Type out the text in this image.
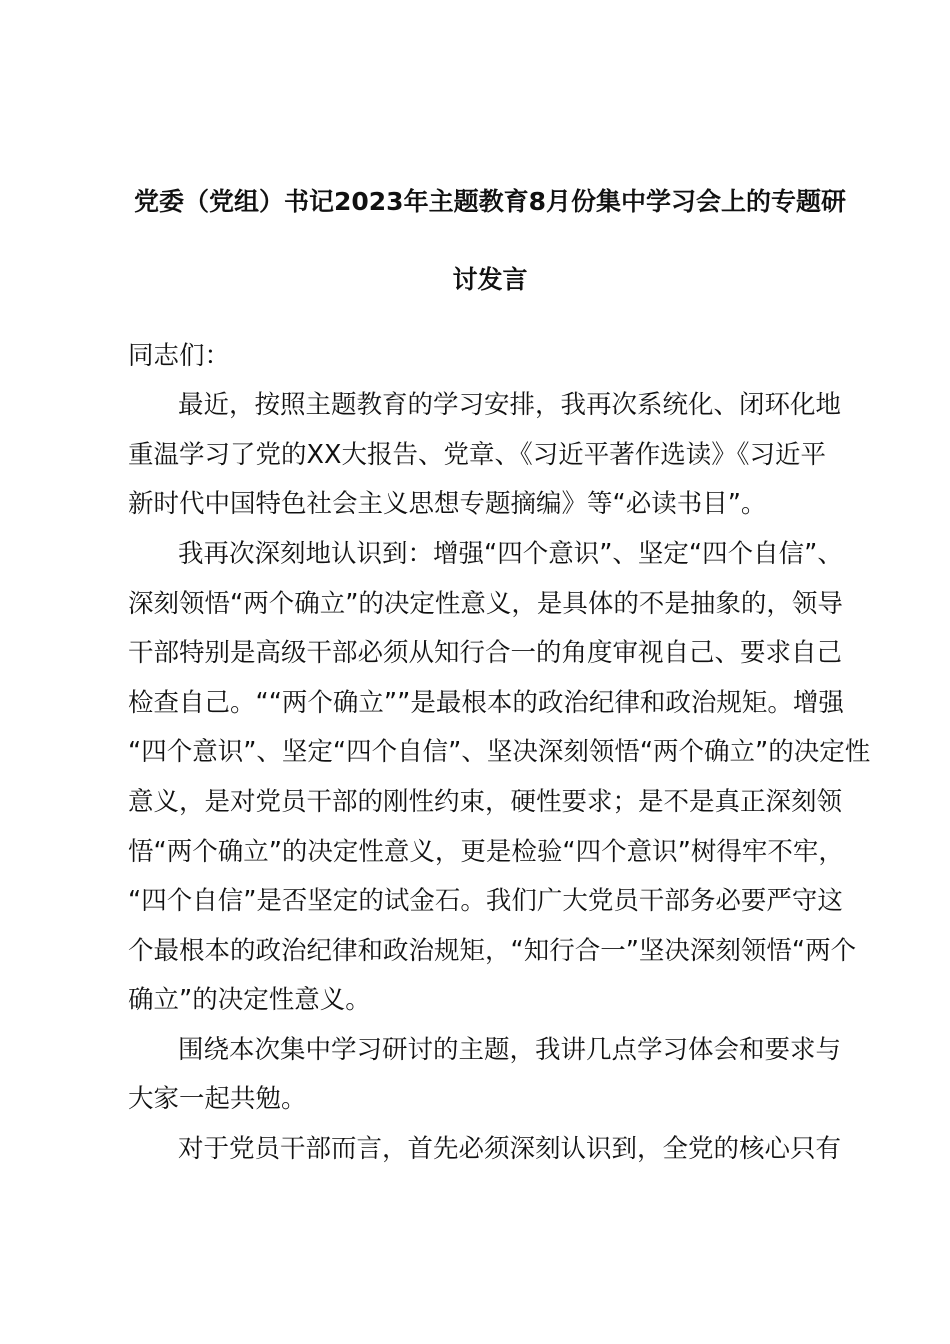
党委（党组）书记2023年主题教育8月份集中学习会上的专题研
讨发言
同志们：
最近，按照主题教育的学习安排，我再次系统化、闭环化地
重温学习了党的XX大报告、党章、《习近平著作选读》《习近平
新时代中国特色社会主义思想专题摘编》等“必读书目”。
我再次深刻地认识到：增强“四个意识”、坚定“四个自信”、
深刻领悟“两个确立”的决定性意义，是具体的不是抽象的，领导
干部特别是高级干部必须从知行合一的角度审视自己、要求自己
检查自己。““两个确立””是最根本的政治纪律和政治规矩。增强
“四个意识”、坚定“四个自信”、坚决深刻领悟“两个确立”的决定性
意义，是对党员干部的刚性约束，硬性要求；是不是真正深刻领
悟“两个确立”的决定性意义，更是检验“四个意识”树得牢不牢，
“四个自信”是否坚定的试金石。我们广大党员干部务必要严守这
个最根本的政治纪律和政治规矩，“知行合一”坚决深刻领悟“两个
确立”的决定性意义。
围绕本次集中学习研讨的主题，我讲几点学习体会和要求与
大家一起共勉。
对于党员干部而言，首先必须深刻认识到，全党的核心只有
